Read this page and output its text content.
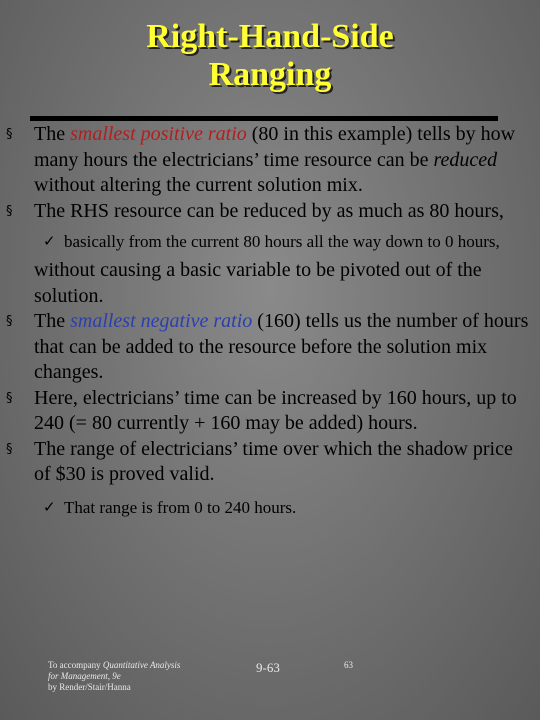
Right-Hand-Side
Ranging
§ The smallest positive ratio (80 in this example) tells by how many hours the electricians’ time resource can be reduced without altering the current solution mix.
§ The RHS resource can be reduced by as much as 80 hours,
✓ basically from the current 80 hours all the way down to 0 hours,
without causing a basic variable to be pivoted out of the solution.
§ The smallest negative ratio (160) tells us the number of hours that can be added to the resource before the solution mix changes.
§ Here, electricians’ time can be increased by 160 hours, up to 240 (= 80 currently + 160 may be added) hours.
§ The range of electricians’ time over which the shadow price of $30 is proved valid.
✓ That range is from 0 to 240 hours.
To accompany Quantitative Analysis
for Management, 9e
by Render/Stair/Hanna
9-63	63
